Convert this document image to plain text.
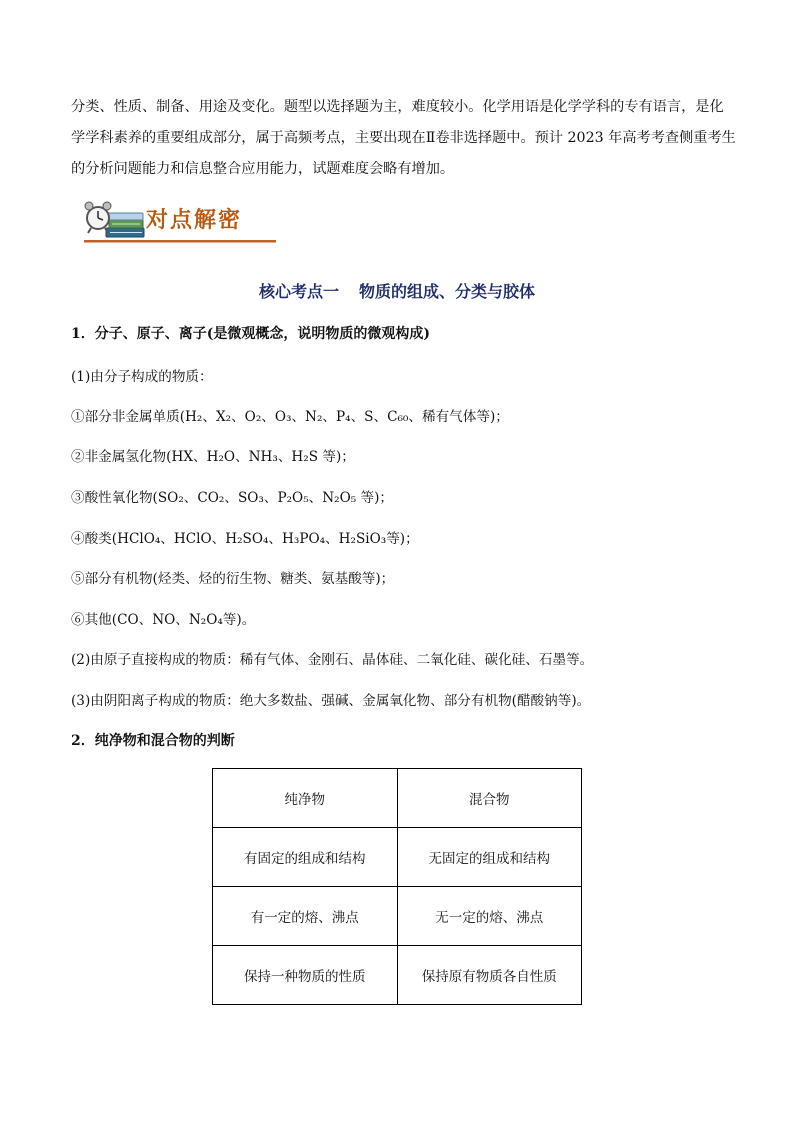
分类、性质、制备、用途及变化。题型以选择题为主，难度较小。化学用语是化学学科的专有语言，是化
学学科素养的重要组成部分，属于高频考点，主要出现在Ⅱ卷非选择题中。预计 2023 年高考考查侧重考生
的分析问题能力和信息整合应用能力，试题难度会略有增加。

对点解密
核心考点一 物质的组成、分类与胶体

1．分子、原子、离子(是微观概念，说明物质的微观构成)

(1)由分子构成的物质：

①部分非金属单质(H₂、X₂、O₂、O₃、N₂、P₄、S、C₆₀、稀有气体等)；

②非金属氢化物(HX、H₂O、NH₃、H₂S 等)；

③酸性氧化物(SO₂、CO₂、SO₃、P₂O₅、N₂O₅ 等)；

④酸类(HClO₄、HClO、H₂SO₄、H₃PO₄、H₂SiO₃等)；

⑤部分有机物(烃类、烃的衍生物、糖类、氨基酸等)；

⑥其他(CO、NO、N₂O₄等)。

(2)由原子直接构成的物质：稀有气体、金刚石、晶体硅、二氧化硅、碳化硅、石墨等。

(3)由阴阳离子构成的物质：绝大多数盐、强碱、金属氧化物、部分有机物(醋酸钠等)。

2．纯净物和混合物的判断

纯净物	混合物
有固定的组成和结构	无固定的组成和结构
有一定的熔、沸点	无一定的熔、沸点
保持一种物质的性质	保持原有物质各自性质
